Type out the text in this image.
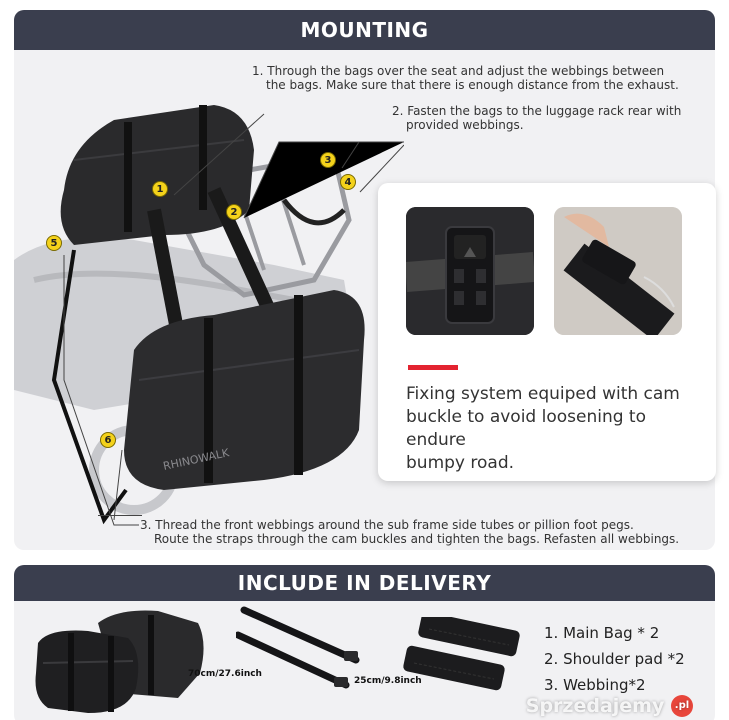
MOUNTING
RHINOWALK
1
2
3
4
5
6
1. Through the bags over the seat and adjust the webbings between
the bags. Make sure that there is enough distance from the exhaust.
2. Fasten the bags to the luggage rack rear with
provided webbings.
3. Thread the front webbings around the sub frame side tubes or pillion foot pegs.
Route the straps through the cam buckles and tighten the bags. Refasten all webbings.
Fixing system equiped with cam
buckle to avoid loosening to endure
bumpy road.
INCLUDE IN DELIVERY
70cm/27.6inch
25cm/9.8inch
1. Main Bag * 2
2. Shoulder pad *2
3. Webbing*2
Sprzedajemy .pl
